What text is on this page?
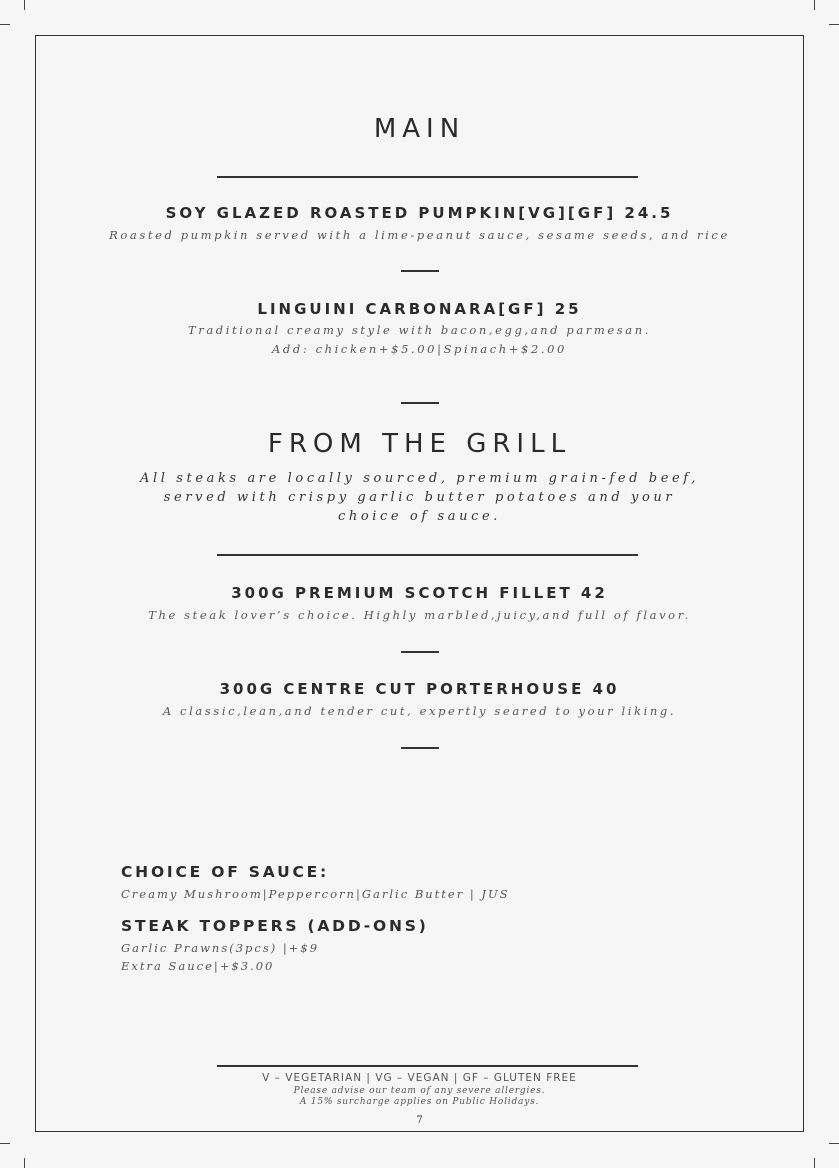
MAIN
SOY GLAZED ROASTED PUMPKIN[VG][GF] 24.5
Roasted pumpkin served with a lime-peanut sauce, sesame seeds, and rice
LINGUINI CARBONARA[GF] 25
Traditional creamy style with bacon,egg,and parmesan.
Add: chicken+$5.00|Spinach+$2.00
FROM THE GRILL
All steaks are locally sourced, premium grain-fed beef,
served with crispy garlic butter potatoes and your
choice of sauce.
300G PREMIUM SCOTCH FILLET 42
The steak lover’s choice. Highly marbled,juicy,and full of flavor.
300G CENTRE CUT PORTERHOUSE 40
A classic,lean,and tender cut, expertly seared to your liking.
CHOICE OF SAUCE:
Creamy Mushroom|Peppercorn|Garlic Butter | JUS
STEAK TOPPERS (ADD-ONS)
Garlic Prawns(3pcs) |+$9
Extra Sauce|+$3.00
V – VEGETARIAN | VG – VEGAN | GF – GLUTEN FREE
Please advise our team of any severe allergies.
A 15% surcharge applies on Public Holidays.
7
